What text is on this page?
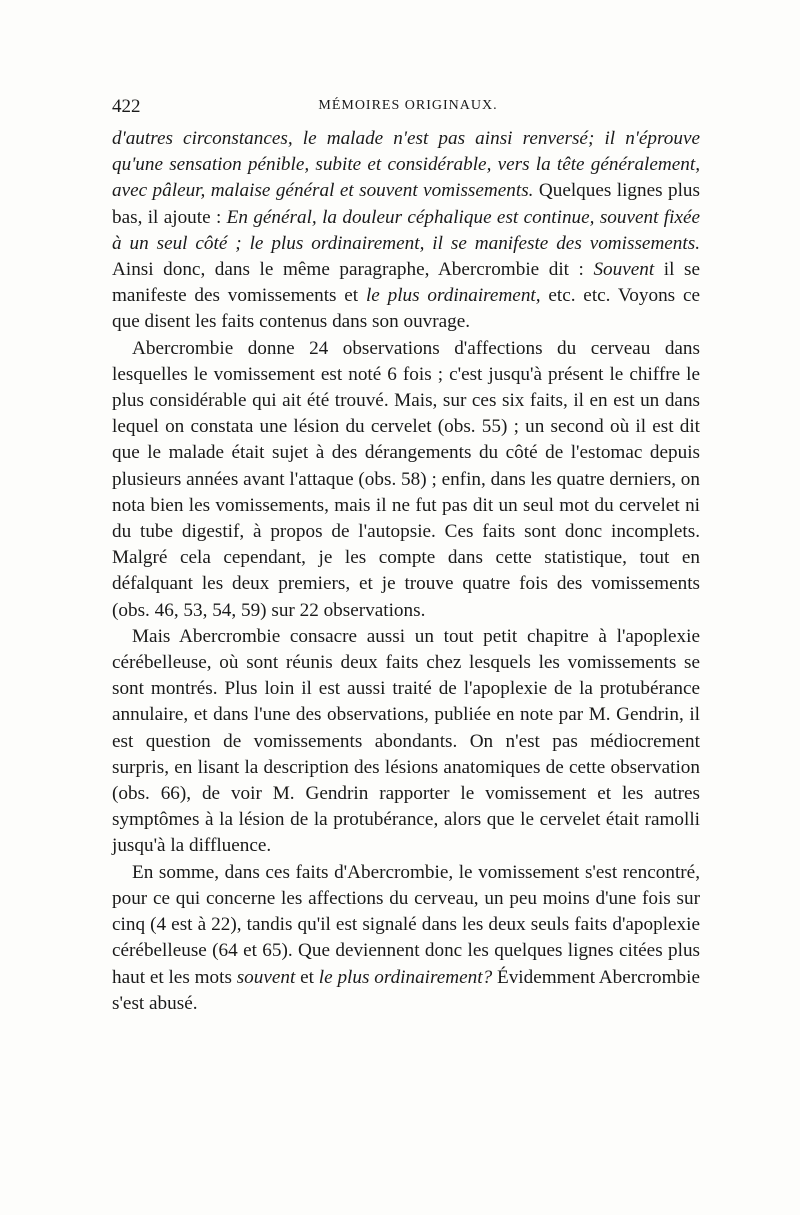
422	MÉMOIRES ORIGINAUX.

d'autres circonstances, le malade n'est pas ainsi renversé; il n'éprouve qu'une sensation pénible, subite et considérable, vers la tête généralement, avec pâleur, malaise général et souvent vomissements. Quelques lignes plus bas, il ajoute : En général, la douleur céphalique est continue, souvent fixée à un seul côté ; le plus ordinairement, il se manifeste des vomissements. Ainsi donc, dans le même paragraphe, Abercrombie dit : Souvent il se manifeste des vomissements et le plus ordinairement, etc. etc. Voyons ce que disent les faits contenus dans son ouvrage.

Abercrombie donne 24 observations d'affections du cerveau dans lesquelles le vomissement est noté 6 fois ; c'est jusqu'à présent le chiffre le plus considérable qui ait été trouvé. Mais, sur ces six faits, il en est un dans lequel on constata une lésion du cervelet (obs. 55) ; un second où il est dit que le malade était sujet à des dérangements du côté de l'estomac depuis plusieurs années avant l'attaque (obs. 58) ; enfin, dans les quatre derniers, on nota bien les vomissements, mais il ne fut pas dit un seul mot du cervelet ni du tube digestif, à propos de l'autopsie. Ces faits sont donc incomplets. Malgré cela cependant, je les compte dans cette statistique, tout en défalquant les deux premiers, et je trouve quatre fois des vomissements (obs. 46, 53, 54, 59) sur 22 observations.

Mais Abercrombie consacre aussi un tout petit chapitre à l'apoplexie cérébelleuse, où sont réunis deux faits chez lesquels les vomissements se sont montrés. Plus loin il est aussi traité de l'apoplexie de la protubérance annulaire, et dans l'une des observations, publiée en note par M. Gendrin, il est question de vomissements abondants. On n'est pas médiocrement surpris, en lisant la description des lésions anatomiques de cette observation (obs. 66), de voir M. Gendrin rapporter le vomissement et les autres symptômes à la lésion de la protubérance, alors que le cervelet était ramolli jusqu'à la diffluence.

En somme, dans ces faits d'Abercrombie, le vomissement s'est rencontré, pour ce qui concerne les affections du cerveau, un peu moins d'une fois sur cinq (4 est à 22), tandis qu'il est signalé dans les deux seuls faits d'apoplexie cérébelleuse (64 et 65). Que deviennent donc les quelques lignes citées plus haut et les mots souvent et le plus ordinairement? Évidemment Abercrombie s'est abusé.
